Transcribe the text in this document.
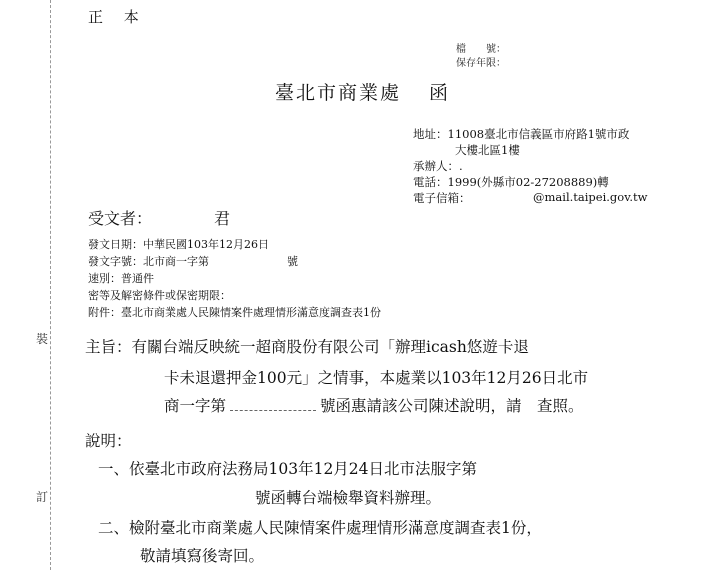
裝
訂
正 本
檔　　號：
保存年限：
臺北市商業處 函
地址：11008臺北市信義區市府路1號市政
大樓北區1樓
承辦人：.
電話：1999(外縣市02-27208889)轉
電子信箱：	@mail.taipei.gov.tw
受文者：	君
發文日期：中華民國103年12月26日
發文字號：北市商一字第	號
速別：普通件
密等及解密條件或保密期限：
附件：臺北市商業處人民陳情案件處理情形滿意度調查表1份
主旨：有關台端反映統一超商股份有限公司「辦理icash悠遊卡退
卡未退還押金100元」之情事，本處業以103年12月26日北市
商一字第	號函惠請該公司陳述說明，請　查照。
說明：
一、依臺北市政府法務局103年12月24日北市法服字第
號函轉台端檢舉資料辦理。
二、檢附臺北市商業處人民陳情案件處理情形滿意度調查表1份，
敬請填寫後寄回。
